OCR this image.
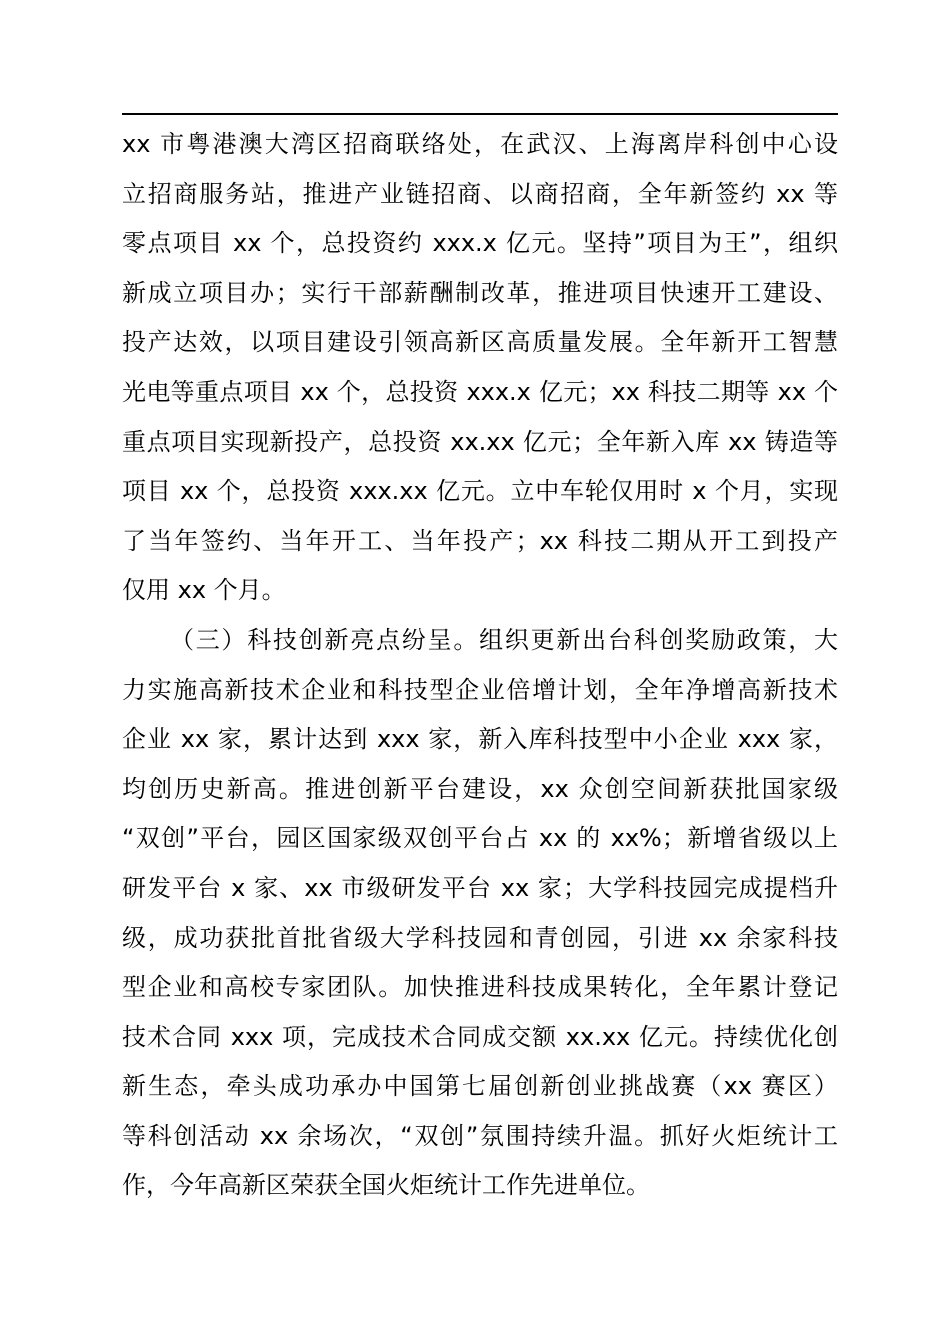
xx 市粤港澳大湾区招商联络处，在武汉、上海离岸科创中心设
立招商服务站，推进产业链招商、以商招商，全年新签约 xx 等
零点项目 xx 个，总投资约 xxx.x 亿元。坚持”项目为王”，组织
新成立项目办；实行干部薪酬制改革，推进项目快速开工建设、
投产达效，以项目建设引领高新区高质量发展。全年新开工智慧
光电等重点项目 xx 个，总投资 xxx.x 亿元；xx 科技二期等 xx 个
重点项目实现新投产，总投资 xx.xx 亿元；全年新入库 xx 铸造等
项目 xx 个，总投资 xxx.xx 亿元。立中车轮仅用时 x 个月，实现
了当年签约、当年开工、当年投产；xx 科技二期从开工到投产
仅用 xx 个月。
（三）科技创新亮点纷呈。组织更新出台科创奖励政策，大
力实施高新技术企业和科技型企业倍增计划，全年净增高新技术
企业 xx 家，累计达到 xxx 家，新入库科技型中小企业 xxx 家，
均创历史新高。推进创新平台建设，xx 众创空间新获批国家级
“双创”平台，园区国家级双创平台占 xx 的 xx%；新增省级以上
研发平台 x 家、xx 市级研发平台 xx 家；大学科技园完成提档升
级，成功获批首批省级大学科技园和青创园，引进 xx 余家科技
型企业和高校专家团队。加快推进科技成果转化，全年累计登记
技术合同 xxx 项，完成技术合同成交额 xx.xx 亿元。持续优化创
新生态，牵头成功承办中国第七届创新创业挑战赛（xx 赛区）
等科创活动 xx 余场次，“双创”氛围持续升温。抓好火炬统计工
作，今年高新区荣获全国火炬统计工作先进单位。
